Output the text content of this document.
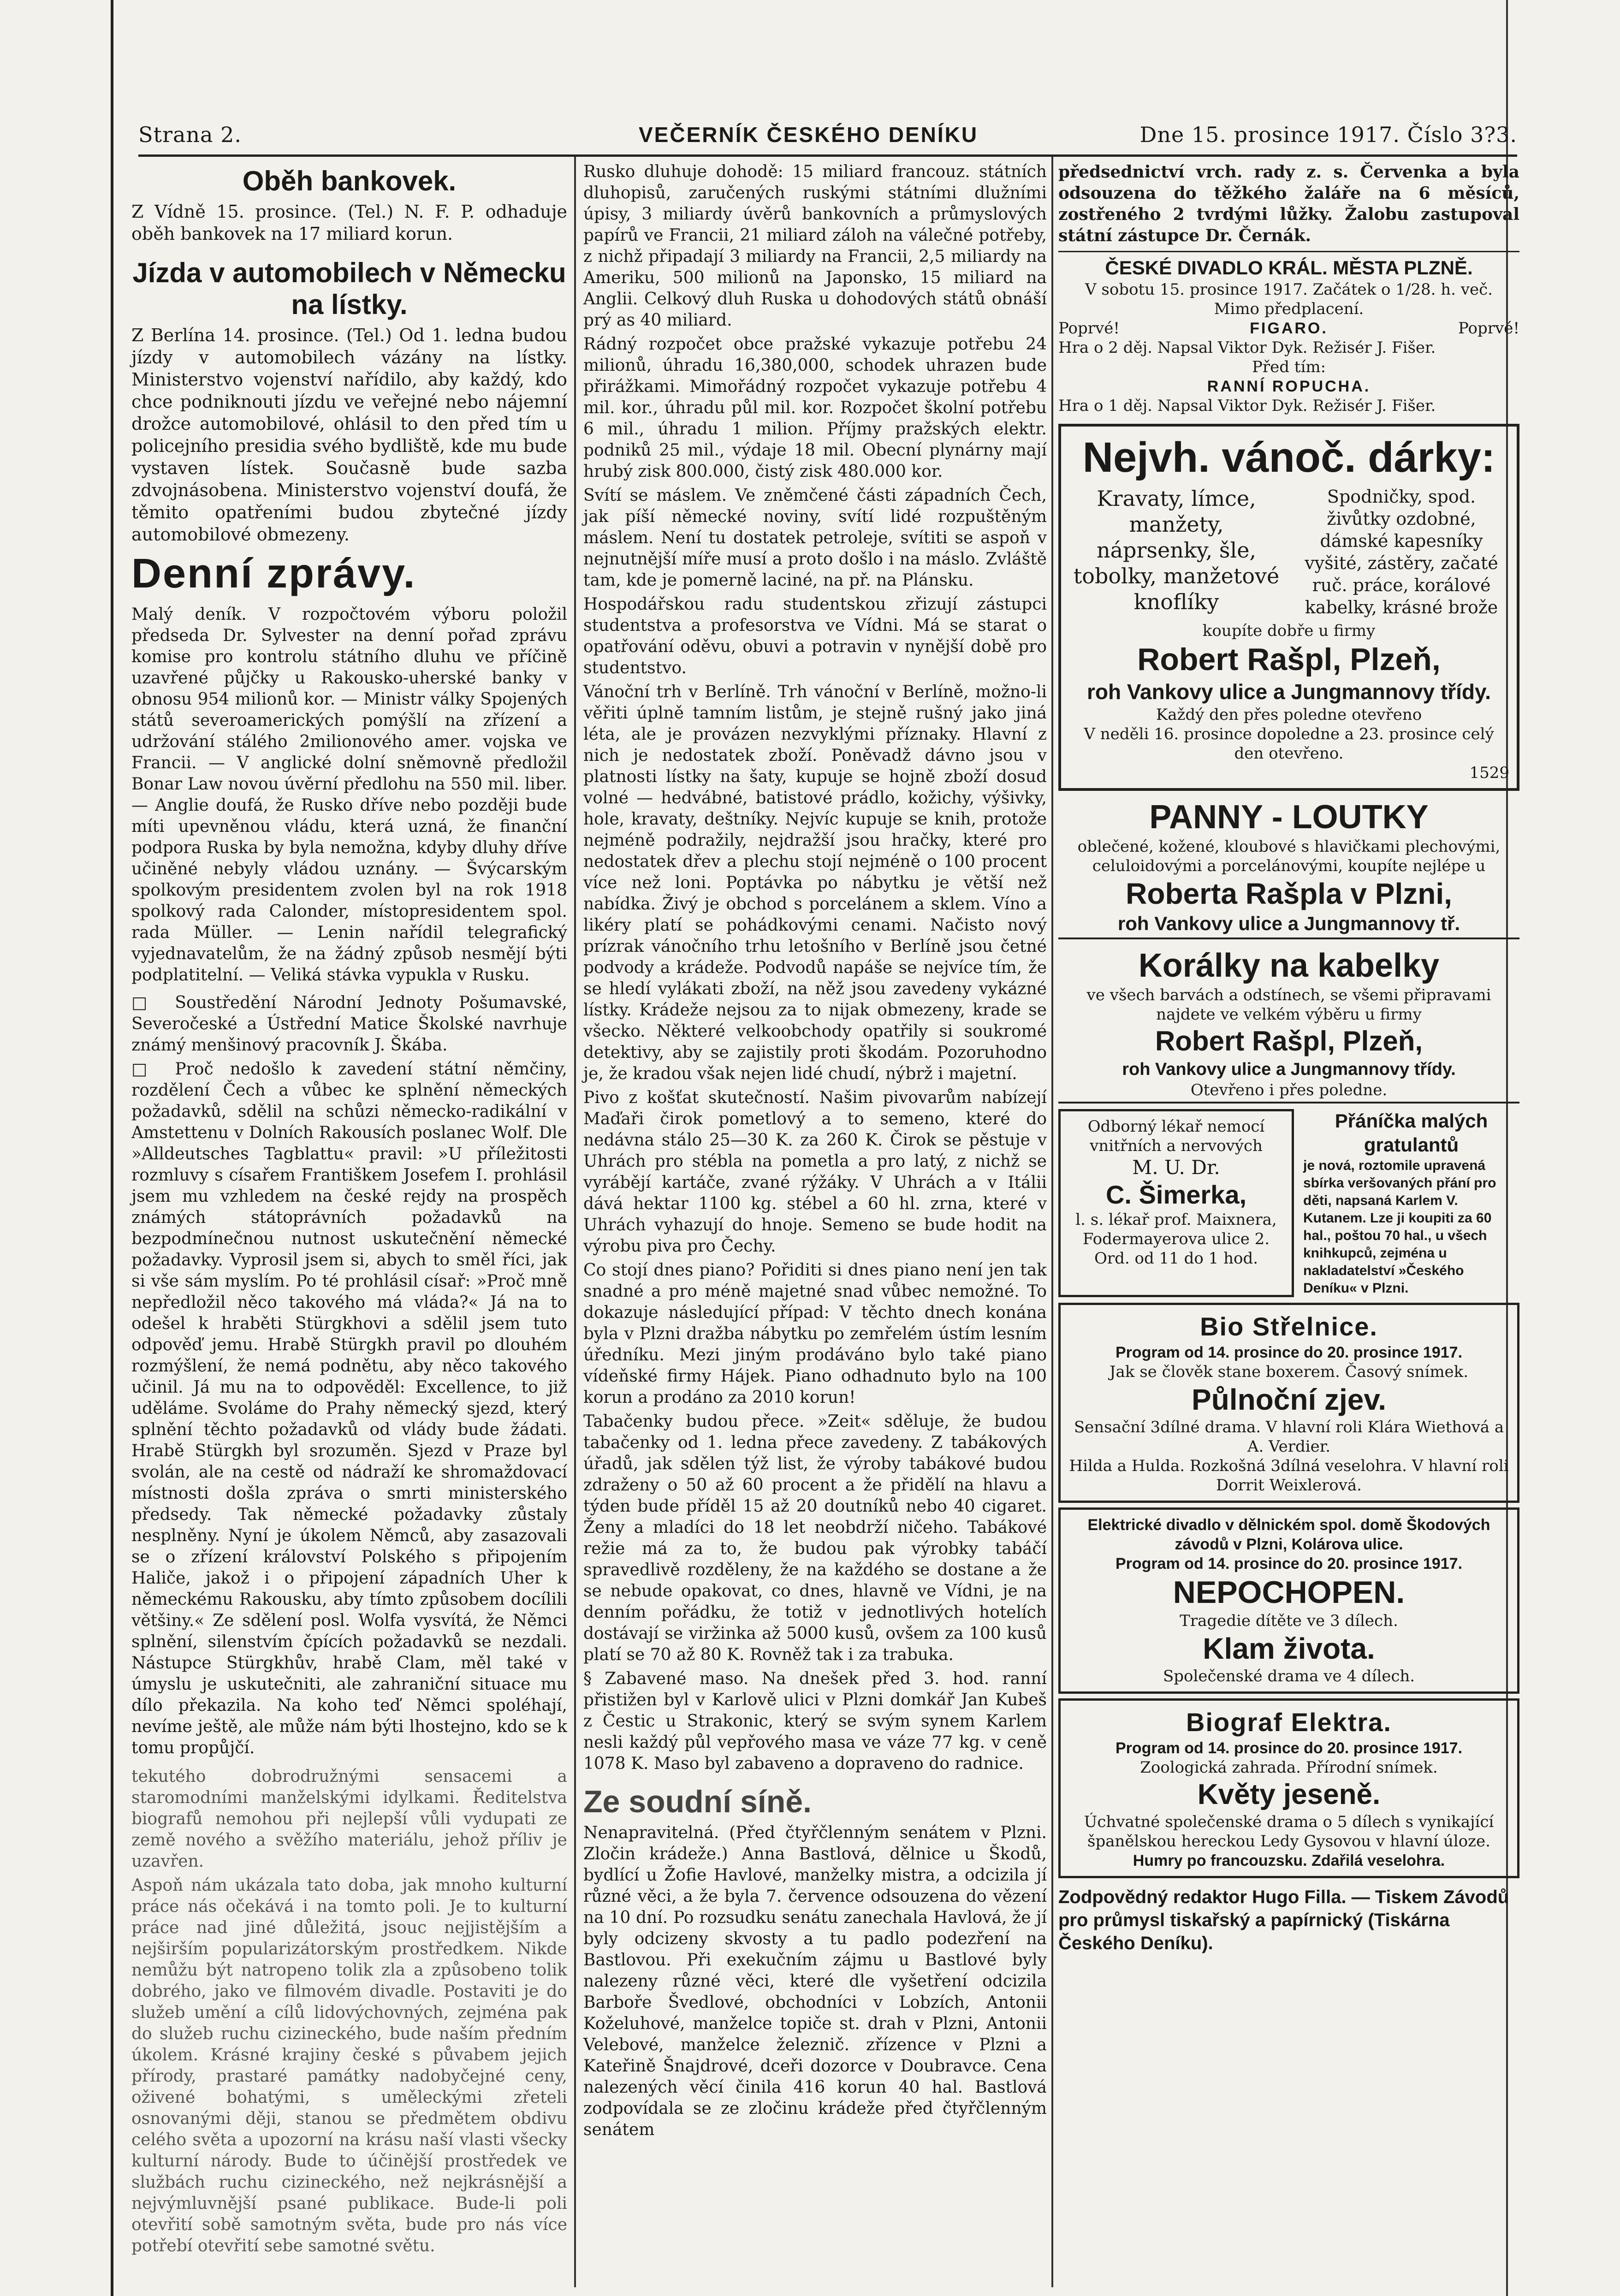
Strana 2.	VEČERNÍK ČESKÉHO DENÍKU	Dne 15. prosince 1917. Číslo 3?3.
Oběh bankovek.

Z Vídně 15. prosince. (Tel.) N. F. P. odhaduje oběh bankovek na 17 miliard korun.

Jízda v automobilech v Německu na lístky.

Z Berlína 14. prosince. (Tel.) Od 1. ledna budou jízdy v automobilech vázány na lístky. Ministerstvo vojenství nařídilo, aby každý, kdo chce podniknouti jízdu ve veřejné nebo nájemní drožce automobilové, ohlásil to den před tím u policejního presidia svého bydliště, kde mu bude vystaven lístek. Současně bude sazba zdvojnásobena. Ministerstvo vojenství doufá, že těmito opatřeními budou zbytečné jízdy automobilové obmezeny.

Denní zprávy.

Malý deník. V rozpočtovém výboru položil předseda Dr. Sylvester na denní pořad zprávu komise pro kontrolu státního dluhu ve příčině uzavřené půjčky u Rakousko-uherské banky v obnosu 954 milionů kor. — Ministr války Spojených států severoamerických pomýšlí na zřízení a udržování stálého 2milionového amer. vojska ve Francii. — V anglické dolní sněmovně předložil Bonar Law novou úvěrní předlohu na 550 mil. liber. — Anglie doufá, že Rusko dříve nebo později bude míti upevněnou vládu, která uzná, že finanční podpora Ruska by byla nemožna, kdyby dluhy dříve učiněné nebyly vládou uznány. — Švýcarským spolkovým presidentem zvolen byl na rok 1918 spolkový rada Calonder, místopresidentem spol. rada Müller. — Lenin nařídil telegrafický vyjednavatelům, že na žádný způsob nesmějí býti podplatitelní. — Veliká stávka vypukla v Rusku.

□ Soustředění Národní Jednoty Pošumavské, Severočeské a Ústřední Matice Školské navrhuje známý menšinový pracovník J. Škába.

□ Proč nedošlo k zavedení státní němčiny, rozdělení Čech a vůbec ke splnění německých požadavků, sdělil na schůzi německo-radikální v Amstettenu v Dolních Rakousích poslanec Wolf. Dle »Alldeutsches Tagblattu« pravil: »U příležitosti rozmluvy s císařem Františkem Josefem I. prohlásil jsem mu vzhledem na české rejdy na prospěch známých státoprávních požadavků na bezpodmínečnou nutnost uskutečnění německé požadavky. Vyprosil jsem si, abych to směl říci, jak si vše sám myslím. Po té prohlásil císař: »Proč mně nepředložil něco takového má vláda?« Já na to odešel k hraběti Stürgkhovi a sdělil jsem tuto odpověď jemu. Hrabě Stürgkh pravil po dlouhém rozmýšlení, že nemá podnětu, aby něco takového učinil. Já mu na to odpověděl: Excellence, to již uděláme. Svoláme do Prahy německý sjezd, který splnění těchto požadavků od vlády bude žádati. Hrabě Stürgkh byl srozuměn. Sjezd v Praze byl svolán, ale na cestě od nádraží ke shromaždovací místnosti došla zpráva o smrti ministerského předsedy. Tak německé požadavky zůstaly nesplněny. Nyní je úkolem Němců, aby zasazovali se o zřízení království Polského s připojením Haliče, jakož i o připojení západních Uher k německému Rakousku, aby tímto způsobem docílili většiny.« Ze sdělení posl. Wolfa vysvítá, že Němci splnění, silenstvím čpících požadavků se nezdali. Nástupce Stürgkhův, hrabě Clam, měl také v úmyslu je uskutečniti, ale zahraniční situace mu dílo překazila. Na koho teď Němci spoléhají, nevíme ještě, ale může nám býti lhostejno, kdo se k tomu propůjčí.

tekutého dobrodružnými sensacemi a staromodními manželskými idylkami. Ředitelstva biografů nemohou při nejlepší vůli vydupati ze země nového a svěžího materiálu, jehož příliv je uzavřen.

Aspoň nám ukázala tato doba, jak mnoho kulturní práce nás očekává i na tomto poli. Je to kulturní práce nad jiné důležitá, jsouc nejjistějším a nejširším popularizátorským prostředkem. Nikde nemůžu být natropeno tolik zla a způsobeno tolik dobrého, jako ve filmovém divadle. Postaviti je do služeb umění a cílů lidovýchovných, zejména pak do služeb ruchu cizineckého, bude naším předním úkolem. Krásné krajiny české s půvabem jejich přírody, prastaré památky nadobyčejné ceny, oživené bohatými, s uměleckými zřeteli osnovanými ději, stanou se předmětem obdivu celého světa a upozorní na krásu naší vlasti všecky kulturní národy. Bude to účinější prostředek ve službách ruchu cizineckého, než nejkrásnější a nejvýmluvnější psané publikace. Bude-li poli otevřití sobě samotným světa, bude pro nás více potřebí otevřití sebe samotné světu.

Rusko dluhuje dohodě: 15 miliard francouz. státních dluhopisů, zaručených ruskými státními dlužními úpisy, 3 miliardy úvěrů bankovních a průmyslových papírů ve Francii, 21 miliard záloh na válečné potřeby, z nichž připadají 3 miliardy na Francii, 2,5 miliardy na Ameriku, 500 milionů na Japonsko, 15 miliard na Anglii. Celkový dluh Ruska u dohodových států obnáší prý as 40 miliard.

Rádný rozpočet obce pražské vykazuje potřebu 24 milionů, úhradu 16,380,000, schodek uhrazen bude přirážkami. Mimořádný rozpočet vykazuje potřebu 4 mil. kor., úhradu půl mil. kor. Rozpočet školní potřebu 6 mil., úhradu 1 milion. Příjmy pražských elektr. podniků 25 mil., výdaje 18 mil. Obecní plynárny mají hrubý zisk 800.000, čistý zisk 480.000 kor.

Svítí se máslem. Ve zněmčené části západních Čech, jak píší německé noviny, svítí lidé rozpuštěným máslem. Není tu dostatek petroleje, svítiti se aspoň v nejnutnější míře musí a proto došlo i na máslo. Zvláště tam, kde je pomerně laciné, na př. na Plánsku.

Hospodářskou radu studentskou zřizují zástupci studentstva a profesorstva ve Vídni. Má se starat o opatřování oděvu, obuvi a potravin v nynější době pro studentstvo.

Vánoční trh v Berlíně. Trh vánoční v Berlíně, možno-li věřiti úplně tamním listům, je stejně rušný jako jiná léta, ale je provázen nezvyklými příznaky. Hlavní z nich je nedostatek zboží. Poněvadž dávno jsou v platnosti lístky na šaty, kupuje se hojně zboží dosud volné — hedvábné, batistové prádlo, kožichy, výšivky, hole, kravaty, deštníky. Nejvíc kupuje se knih, protože nejméně podražily, nejdražší jsou hračky, které pro nedostatek dřev a plechu stojí nejméně o 100 procent více než loni. Poptávka po nábytku je větší než nabídka. Živý je obchod s porcelánem a sklem. Víno a likéry platí se pohádkovými cenami. Načisto nový prízrak vánočního trhu letošního v Berlíně jsou četné podvody a krádeže. Podvodů napáše se nejvíce tím, že se hledí vylákati zboží, na něž jsou zavedeny vykázné lístky. Krádeže nejsou za to nijak obmezeny, krade se všecko. Některé velkoobchody opatřily si soukromé detektivy, aby se zajistily proti škodám. Pozoruhodno je, že kradou však nejen lidé chudí, nýbrž i majetní.

Pivo z košťat skutečností. Našim pivovarům nabízejí Maďaři čirok pometlový a to semeno, které do nedávna stálo 25—30 K. za 260 K. Čirok se pěstuje v Uhrách pro stébla na pometla a pro latý, z nichž se vyrábějí kartáče, zvané rýžáky. V Uhrách a v Itálii dává hektar 1100 kg. stébel a 60 hl. zrna, které v Uhrách vyhazují do hnoje. Semeno se bude hodit na výrobu piva pro Čechy.

Co stojí dnes piano? Pořiditi si dnes piano není jen tak snadné a pro méně majetné snad vůbec nemožné. To dokazuje následující případ: V těchto dnech konána byla v Plzni dražba nábytku po zemřelém ústím lesním úředníku. Mezi jiným prodáváno bylo také piano vídeňské firmy Hájek. Piano odhadnuto bylo na 100 korun a prodáno za 2010 korun!

Tabačenky budou přece. »Zeit« sděluje, že budou tabačenky od 1. ledna přece zavedeny. Z tabákových úřadů, jak sdělen týž list, že výroby tabákové budou zdraženy o 50 až 60 procent a že přidělí na hlavu a týden bude příděl 15 až 20 doutníků nebo 40 cigaret. Ženy a mladíci do 18 let neobdrží ničeho. Tabákové režie má za to, že budou pak výrobky tabáčí spravedlivě rozděleny, že na každého se dostane a že se nebude opakovat, co dnes, hlavně ve Vídni, je na denním pořádku, že totiž v jednotlivých hotelích dostávají se viržinka až 5000 kusů, ovšem za 100 kusů platí se 70 až 80 K. Rovněž tak i za trabuka.

§ Zabavené maso. Na dnešek před 3. hod. ranní přistižen byl v Karlově ulici v Plzni domkář Jan Kubeš z Čestic u Strakonic, který se svým synem Karlem nesli každý půl vepřového masa ve váze 77 kg. v ceně 1078 K. Maso byl zabaveno a dopraveno do radnice.

Ze soudní síně.

Nenapravitelná. (Před čtyřčlenným senátem v Plzni. Zločin krádeže.) Anna Bastlová, dělnice u Škodů, bydlící u Žofie Havlové, manželky mistra, a odcizila jí různé věci, a že byla 7. července odsouzena do vězení na 10 dní. Po rozsudku senátu zanechala Havlová, že jí byly odcizeny skvosty a tu padlo podezření na Bastlovou. Při exekučním zájmu u Bastlové byly nalezeny různé věci, které dle vyšetření odcizila Barboře Švedlové, obchodníci v Lobzích, Antonii Koželuhové, manželce topiče st. drah v Plzni, Antonii Velebové, manželce železnič. zřízence v Plzni a Kateřině Šnajdrové, dceři dozorce v Doubravce. Cena nalezených věcí činila 416 korun 40 hal. Bastlová zodpovídala se ze zločinu krádeže před čtyřčlenným senátem

předsednictví vrch. rady z. s. Červenka a byla odsouzena do těžkého žaláře na 6 měsíců, zostřeného 2 tvrdými lůžky. Žalobu zastupoval státní zástupce Dr. Černák.

ČESKÉ DIVADLO KRÁL. MĚSTA PLZNĚ.
V sobotu 15. prosince 1917. Začátek o 1/28. h. več.
Mimo předplacení.
Poprvé!	FIGARO.	Poprvé!
Hra o 2 děj. Napsal Viktor Dyk. Režisér J. Fišer.
Před tím:
RANNÍ ROPUCHA.
Hra o 1 děj. Napsal Viktor Dyk. Režisér J. Fišer.
Nejvh. vánoč. dárky:
Kravaty, límce, manžety, náprsenky, šle, tobolky, manžetové knoflíky
Spodničky, spod. živůtky ozdobné, dámské kapesníky vyšité, zástěry, začaté ruč. práce, korálové kabelky, krásné brože
koupíte dobře u firmy
Robert Rašpl, Plzeň,
roh Vankovy ulice a Jungmannovy třídy.
Každý den přes poledne otevřeno
V neděli 16. prosince dopoledne a 23. prosince celý den otevřeno.
1529
PANNY - LOUTKY
oblečené, kožené, kloubové s hlavičkami plechovými, celuloidovými a porcelánovými, koupíte nejlépe u
Roberta Rašpla v Plzni,
roh Vankovy ulice a Jungmannovy tř.
Korálky na kabelky
ve všech barvách a odstínech, se všemi připravami najdete ve velkém výběru u firmy
Robert Rašpl, Plzeň,
roh Vankovy ulice a Jungmannovy třídy.
Otevřeno i přes poledne.
Odborný lékař nemocí vnitřních a nervových
M. U. Dr.
C. Šimerka,
l. s. lékař prof. Maixnera, Fodermayerova ulice 2. Ord. od 11 do 1 hod.
Přáníčka malých gratulantů
je nová, roztomile upravená sbírka veršovaných přání pro děti, napsaná Karlem V. Kutanem. Lze ji koupiti za 60 hal., poštou 70 hal., u všech knihkupců, zejména u nakladatelství »Českého Deníku« v Plzni.
Bio Střelnice.
Program od 14. prosince do 20. prosince 1917.
Jak se člověk stane boxerem. Časový snímek.
Půlnoční zjev.
Sensační 3dílné drama. V hlavní roli Klára Wiethová a A. Verdier.
Hilda a Hulda. Rozkošná 3dílná veselohra. V hlavní roli Dorrit Weixlerová.
Elektrické divadlo v dělnickém spol. domě Škodových závodů v Plzni, Kolárova ulice.
Program od 14. prosince do 20. prosince 1917.
NEPOCHOPEN.
Tragedie dítěte ve 3 dílech.
Klam života.
Společenské drama ve 4 dílech.
Biograf Elektra.
Program od 14. prosince do 20. prosince 1917.
Zoologická zahrada. Přírodní snímek.
Květy jeseně.
Úchvatné společenské drama o 5 dílech s vynikající španělskou hereckou Ledy Gysovou v hlavní úloze.
Humry po francouzsku. Zdařilá veselohra.
Zodpovědný redaktor Hugo Filla. — Tiskem Závodů pro průmysl tiskařský a papírnický (Tiskárna Českého Deníku).
